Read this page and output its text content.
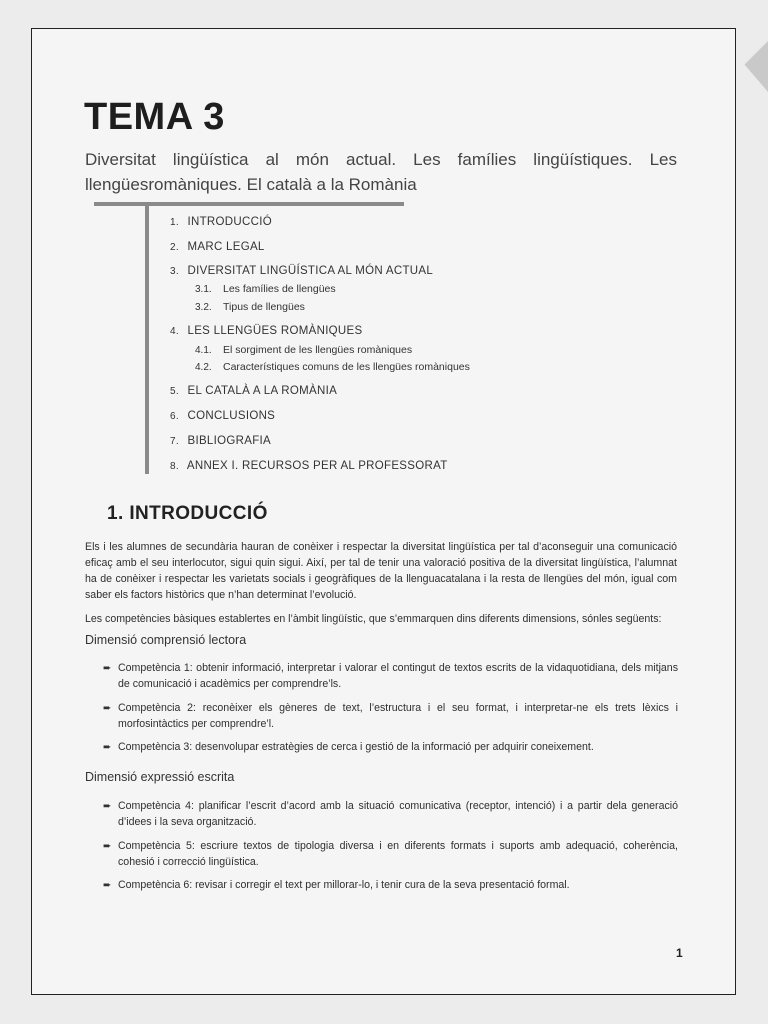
TEMA 3

Diversitat lingüística al món actual. Les famílies lingüístiques. Les llengüesromàniques. El català a la Romània

1. INTRODUCCIÓ
2. MARC LEGAL
3. DIVERSITAT LINGÜÍSTICA AL MÓN ACTUAL
3.1. Les famílies de llengües
3.2. Tipus de llengües
4. LES LLENGÜES ROMÀNIQUES
4.1. El sorgiment de les llengües romàniques
4.2. Característiques comuns de les llengües romàniques
5. EL CATALÀ A LA ROMÀNIA
6. CONCLUSIONS
7. BIBLIOGRAFIA
8. ANNEX I. RECURSOS PER AL PROFESSORAT
1. INTRODUCCIÓ

Els i les alumnes de secundària hauran de conèixer i respectar la diversitat lingüística per tal d’aconseguir una comunicació eficaç amb el seu interlocutor, sigui quin sigui. Així, per tal de tenir una valoració positiva de la diversitat lingüística, l’alumnat ha de conèixer i respectar les varietats socials i geogràfiques de la llenguacatalana i la resta de llengües del món, igual com saber els factors històrics que n’han determinat l’evolució.

Les competències bàsiques establertes en l’àmbit lingüístic, que s’emmarquen dins diferents dimensions, sónles següents:

Dimensió comprensió lectora

➨ Competència 1: obtenir informació, interpretar i valorar el contingut de textos escrits de la vidaquotidiana, dels mitjans de comunicació i acadèmics per comprendre’ls.
➨ Competència 2: reconèixer els gèneres de text, l’estructura i el seu format, i interpretar-ne els trets lèxics i morfosintàctics per comprendre’l.
➨ Competència 3: desenvolupar estratègies de cerca i gestió de la informació per adquirir coneixement.

Dimensió expressió escrita

➨ Competència 4: planificar l’escrit d’acord amb la situació comunicativa (receptor, intenció) i a partir dela generació d’idees i la seva organització.
➨ Competència 5: escriure textos de tipologia diversa i en diferents formats i suports amb adequació, coherència, cohesió i correcció lingüística.
➨ Competència 6: revisar i corregir el text per millorar-lo, i tenir cura de la seva presentació formal.
1
